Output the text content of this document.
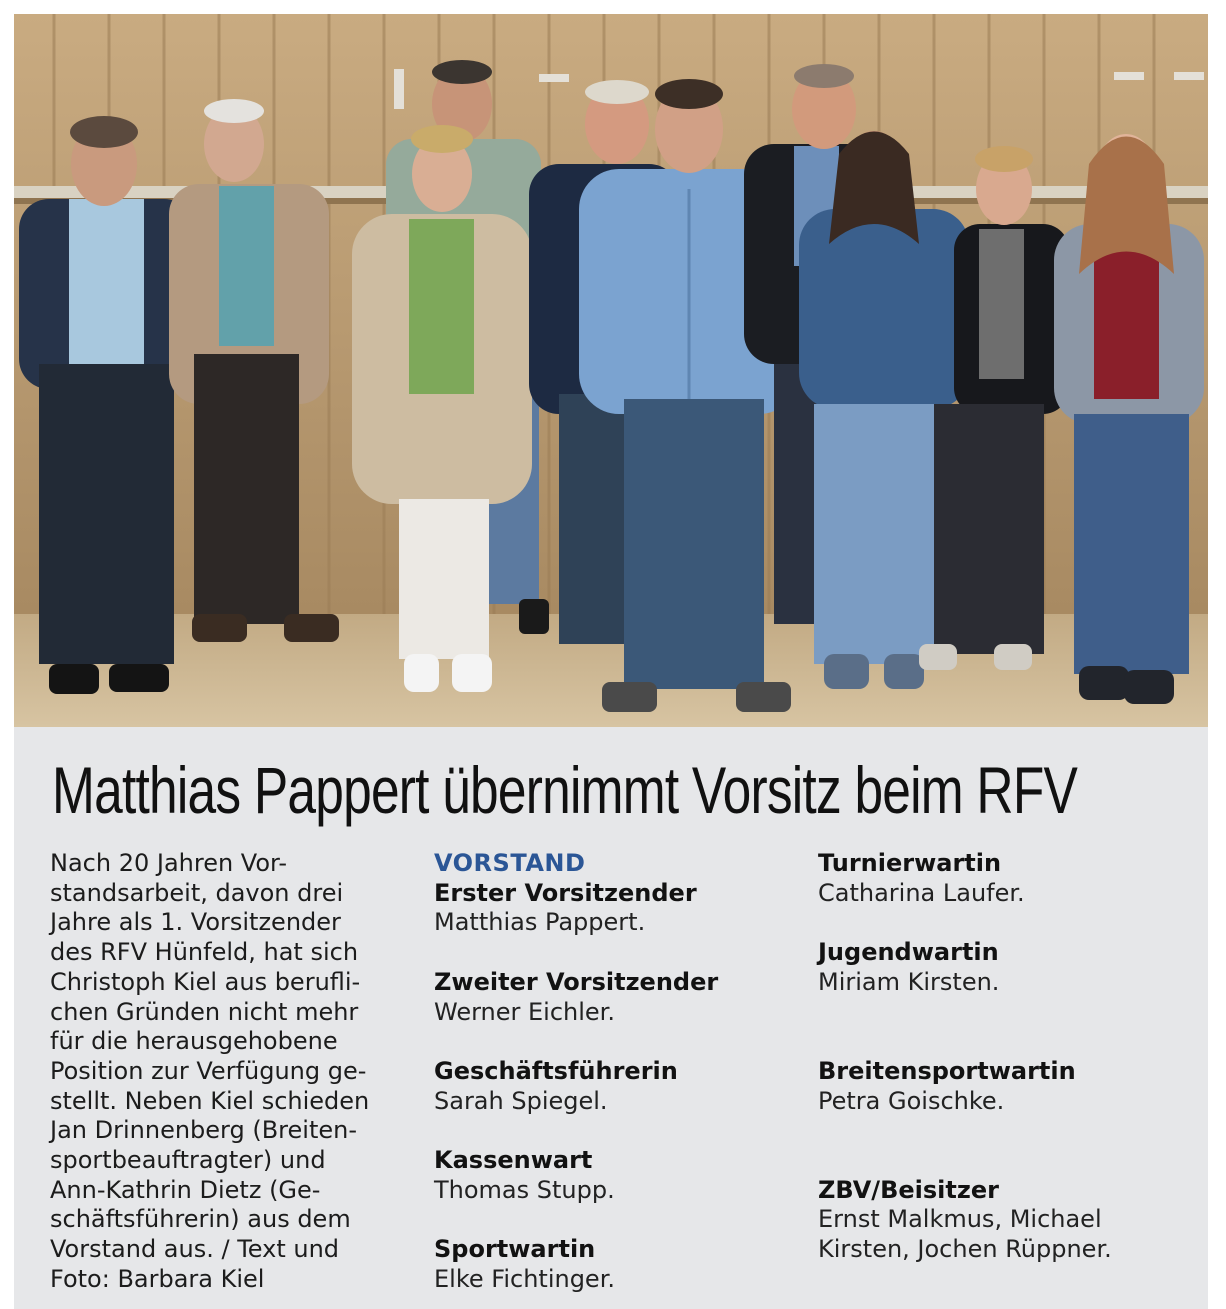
Matthias Pappert übernimmt Vorsitz beim RFV

Nach 20 Jahren Vor-
standsarbeit, davon drei
Jahre als 1. Vorsitzender
des RFV Hünfeld, hat sich
Christoph Kiel aus berufli-
chen Gründen nicht mehr
für die herausgehobene
Position zur Verfügung ge-
stellt. Neben Kiel schieden
Jan Drinnenberg (Breiten-
sportbeauftragter) und
Ann-Kathrin Dietz (Ge-
schäftsführerin) aus dem
Vorstand aus. / Text und
Foto: Barbara Kiel

VORSTAND
Erster Vorsitzender
Matthias Pappert.
Zweiter Vorsitzender
Werner Eichler.
Geschäftsführerin
Sarah Spiegel.
Kassenwart
Thomas Stupp.
Sportwartin
Elke Fichtinger.
Turnierwartin
Catharina Laufer.
Jugendwartin
Miriam Kirsten.
Breitensportwartin
Petra Goischke.
ZBV/Beisitzer
Ernst Malkmus, Michael
Kirsten, Jochen Rüppner.
